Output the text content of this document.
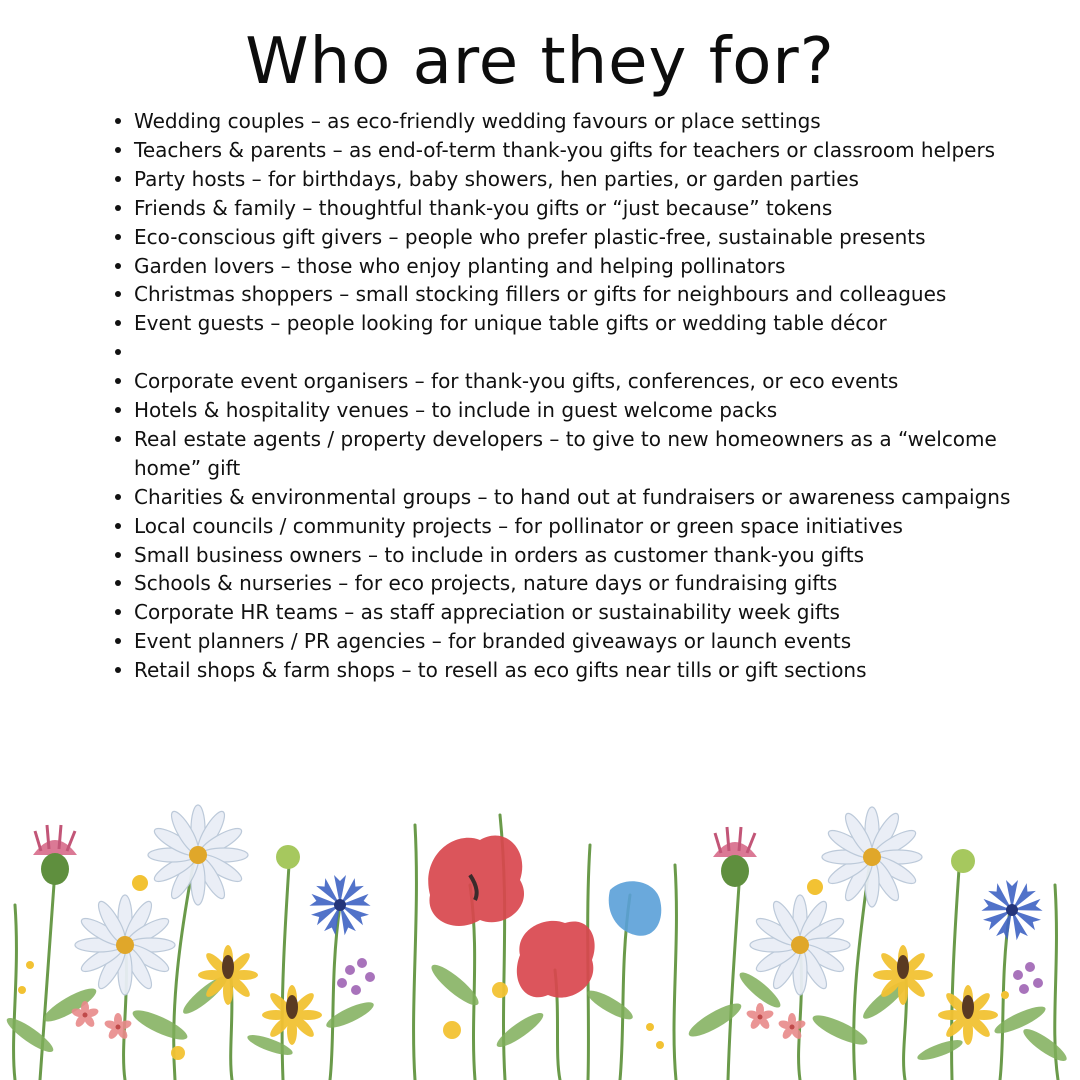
Who are they for?
Wedding couples – as eco-friendly wedding favours or place settings
Teachers & parents – as end-of-term thank-you gifts for teachers or classroom helpers
Party hosts – for birthdays, baby showers, hen parties, or garden parties
Friends & family – thoughtful thank-you gifts or “just because” tokens
Eco-conscious gift givers – people who prefer plastic-free, sustainable presents
Garden lovers – those who enjoy planting and helping pollinators
Christmas shoppers – small stocking fillers or gifts for neighbours and colleagues
Event guests – people looking for unique table gifts or wedding table décor
Corporate event organisers – for thank-you gifts, conferences, or eco events
Hotels & hospitality venues – to include in guest welcome packs
Real estate agents / property developers – to give to new homeowners as a “welcome home” gift
Charities & environmental groups – to hand out at fundraisers or awareness campaigns
Local councils / community projects – for pollinator or green space initiatives
Small business owners – to include in orders as customer thank-you gifts
Schools & nurseries – for eco projects, nature days or fundraising gifts
Corporate HR teams – as staff appreciation or sustainability week gifts
Event planners / PR agencies – for branded giveaways or launch events
Retail shops & farm shops – to resell as eco gifts near tills or gift sections
